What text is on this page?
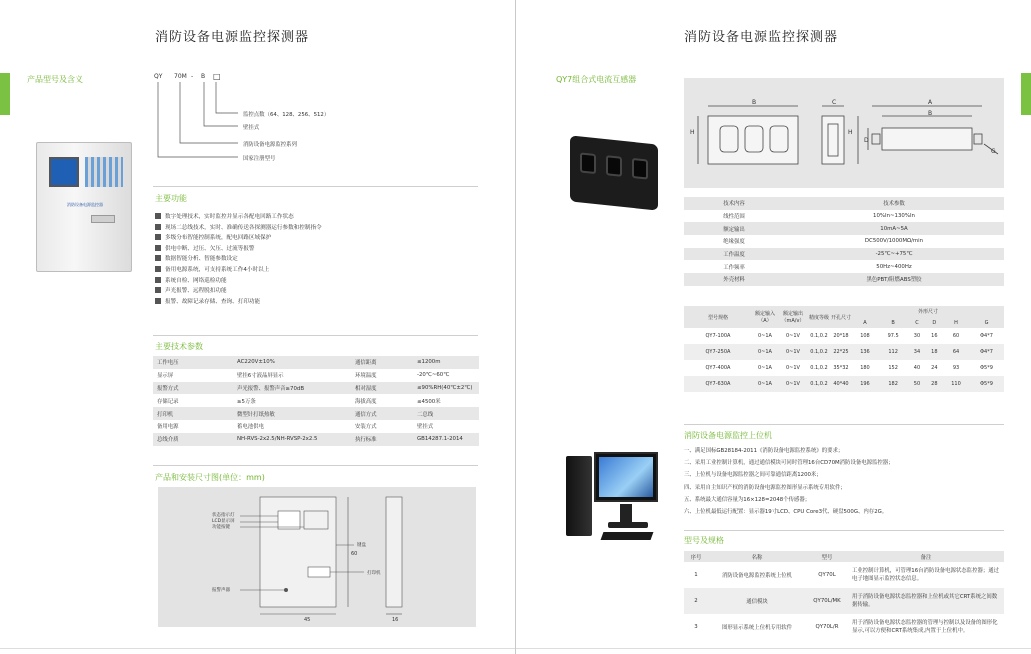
消防设备电源监控探测器
产品型号及含义	QY 70M - B □
监控点数（64、128、256、512）
壁挂式
消防设备电源监控系列
国家注册型号
消防设备电源监控器
主要功能
数字处理技术，实时监控并显示各配电回路工作状态
现场二总线技术，实时、准确传送各探测器运行参数和控制指令
多级分布智能控制系统，配电回路区域保护
供电中断、过压、欠压、过流等报警
数据智能分析、智能参数设定
备用电源系统，可支持系统工作4小时以上
系统自检、网络巡检功能
声光报警、远程脱扣功能
报警、故障记录存储、查询、打印功能
主要技术参数
工作电压	AC220V±10%	通信距离	≤1200m
显示屏	壁挂6寸液晶屏显示	环境温度	-20℃~60℃
报警方式	声光报警、报警声音≥70dB	相对湿度	≤90%RH(40℃±2℃)
存储记录	≥5万条	海拔高度	≤4500米
打印机	微型针打纸热敏	通信方式	二总线
备用电源	蓄电池供电	安装方式	壁挂式
总线介质	NH-RVS-2x2.5/NH-RVSP-2x2.5	执行标准	GB14287.1-2014
产品和安装尺寸图(单位：mm)
状态指示灯
LCD显示屏
功能按键
报警声器
键盘
打印机
45
60
16
消防设备电源监控探测器
QY7组合式电流互感器
B	C	A
B
H	H
D
G
技术内容	技术参数
线性范围	10%In~130%In
额定输出	10mA~5A
绝缘强度	DC500V/1000MΩ/min
工作温度	-25℃~+75℃
工作频率	50Hz~400Hz
外壳材料	黑色PBT/阻燃ABS塑胶
型号规格	额定输入（A）	额定输出（mA/v）	精度等级	开孔尺寸	外形尺寸					
					A	B	C	D	H	G
QY7-100A	0~1A	0~1V	0.1,0.2	20*18	108	97.5	30	16	60	Φ4*7
QY7-250A	0~1A	0~1V	0.1,0.2	22*25	136	112	34	18	64	Φ4*7
QY7-400A	0~1A	0~1V	0.1,0.2	35*32	180	152	40	24	93	Φ5*9
QY7-630A	0~1A	0~1V	0.1,0.2	40*40	196	182	50	28	110	Φ5*9
消防设备电源监控上位机
一、满足国标GB28184-2011《消防设备电源监控系统》的要求；
二、采用工业控制计算机，通过通信模块可同时管理16台CD70M消防设备电源监控器；
三、上位机与设备电源监控器之间可靠通信距离1200米；
四、采用自主知识产权的消防设备电源监控图形显示系统专用软件；
五、系统最大通信容量为16×128=2048个传感器；
六、上位机最低运行配置：显示器19寸LCD、CPU Core3代、硬盘500G、内存2G。
型号及规格
序号	名称	型号	备注
1	消防设备电源监控系统上位机	QY70L	工业控制计算机，可管理16台消防设备电源状态监控器；通过电子地图显示监控状态信息。
2	通信模块	QY70L/MK	用于消防设备电源状态监控器和上位机或其它CRT系统之间数据传输。
3	图形显示系统上位机专用软件	QY70L/R	用于消防设备电源状态监控器的管理与控制以及设备的图形化显示,可以方便和CRT系统集成,内置于上位机中。
